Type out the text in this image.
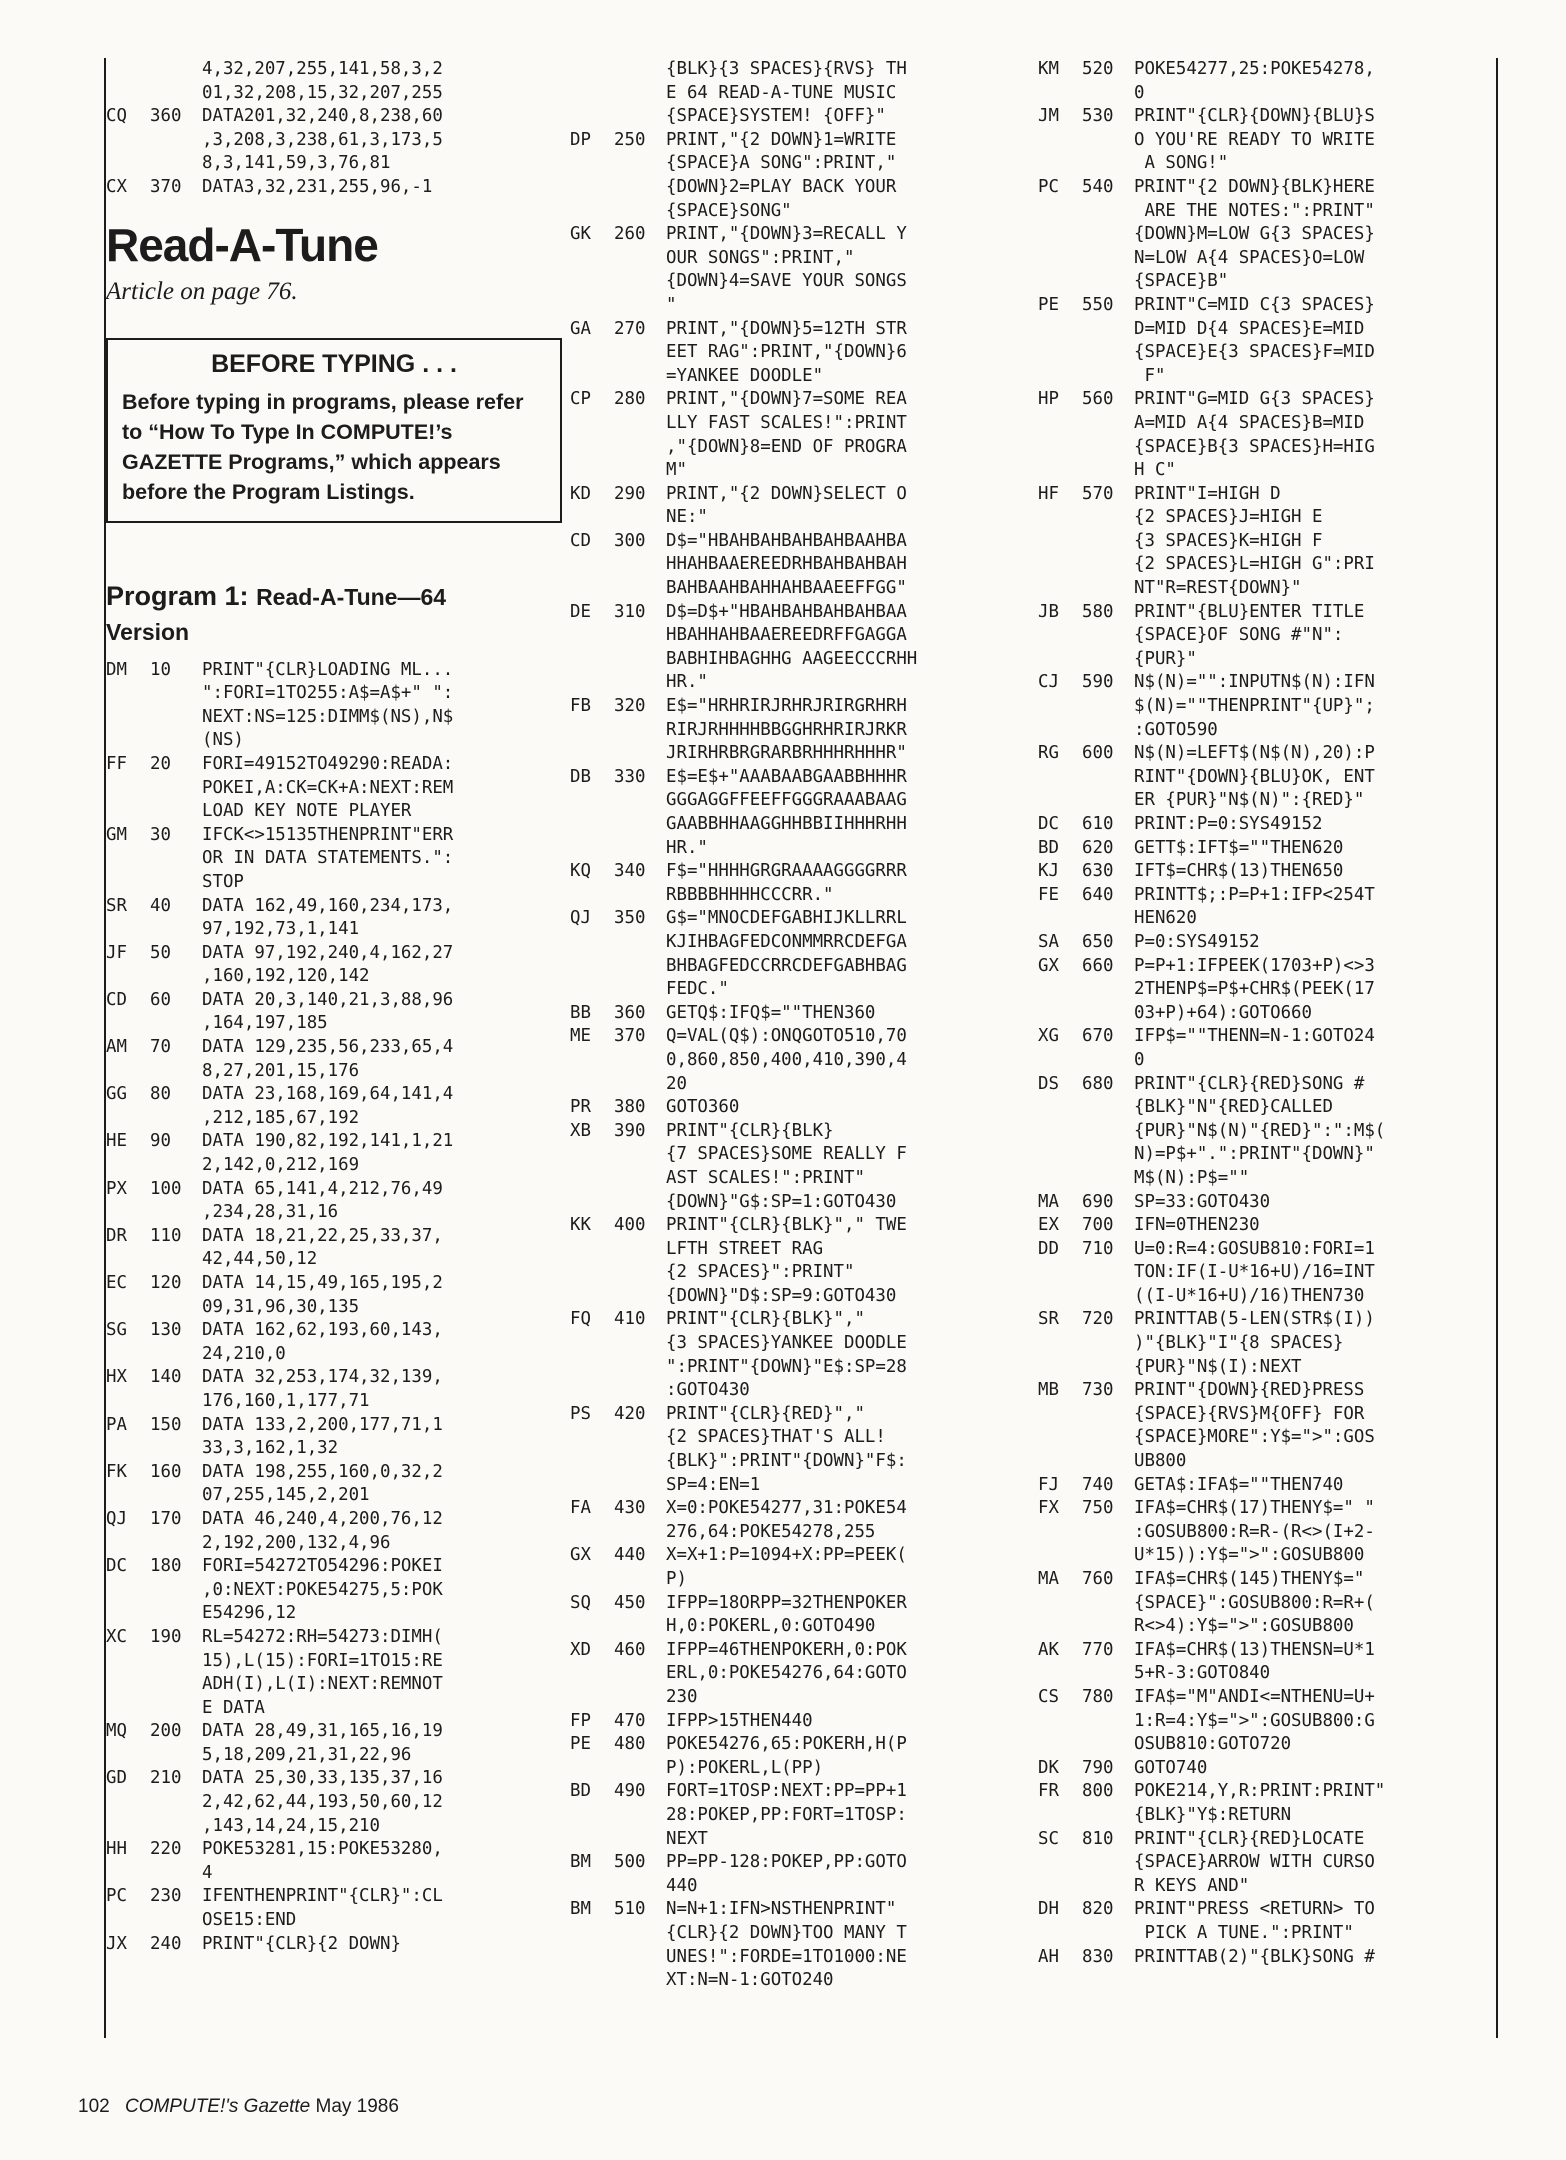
4,32,207,255,141,58,3,2
01,32,208,15,32,207,255
CQ	360	DATA201,32,240,8,238,60
,3,208,3,238,61,3,173,5
8,3,141,59,3,76,81
CX	370	DATA3,32,231,255,96,-1
Read-A-Tune
Article on page 76.
BEFORE TYPING . . .
Before typing in programs, please refer to “How To Type In COMPUTE!’s GAZETTE Programs,” which appears before the Program Listings.
Program 1: Read-A-Tune—64
Version
DM	10	PRINT"{CLR}LOADING ML...
":FORI=1TO255:A$=A$+" ":
NEXT:NS=125:DIMM$(NS),N$
(NS)
FF	20	FORI=49152TO49290:READA:
POKEI,A:CK=CK+A:NEXT:REM
LOAD KEY NOTE PLAYER
GM	30	IFCK<>15135THENPRINT"ERR
OR IN DATA STATEMENTS.":
STOP
SR	40	DATA 162,49,160,234,173,
97,192,73,1,141
JF	50	DATA 97,192,240,4,162,27
,160,192,120,142
CD	60	DATA 20,3,140,21,3,88,96
,164,197,185
AM	70	DATA 129,235,56,233,65,4
8,27,201,15,176
GG	80	DATA 23,168,169,64,141,4
,212,185,67,192
HE	90	DATA 190,82,192,141,1,21
2,142,0,212,169
PX	100	DATA 65,141,4,212,76,49
,234,28,31,16
DR	110	DATA 18,21,22,25,33,37,
42,44,50,12
EC	120	DATA 14,15,49,165,195,2
09,31,96,30,135
SG	130	DATA 162,62,193,60,143,
24,210,0
HX	140	DATA 32,253,174,32,139,
176,160,1,177,71
PA	150	DATA 133,2,200,177,71,1
33,3,162,1,32
FK	160	DATA 198,255,160,0,32,2
07,255,145,2,201
QJ	170	DATA 46,240,4,200,76,12
2,192,200,132,4,96
DC	180	FORI=54272TO54296:POKEI
,0:NEXT:POKE54275,5:POK
E54296,12
XC	190	RL=54272:RH=54273:DIMH(
15),L(15):FORI=1TO15:RE
ADH(I),L(I):NEXT:REMNOT
E DATA
MQ	200	DATA 28,49,31,165,16,19
5,18,209,21,31,22,96
GD	210	DATA 25,30,33,135,37,16
2,42,62,44,193,50,60,12
,143,14,24,15,210
HH	220	POKE53281,15:POKE53280,
4
PC	230	IFENTHENPRINT"{CLR}":CL
OSE15:END
JX	240	PRINT"{CLR}{2 DOWN}
{BLK}{3 SPACES}{RVS} TH
E 64 READ-A-TUNE MUSIC
{SPACE}SYSTEM! {OFF}"
DP	250	PRINT,"{2 DOWN}1=WRITE
{SPACE}A SONG":PRINT,"
{DOWN}2=PLAY BACK YOUR
{SPACE}SONG"
GK	260	PRINT,"{DOWN}3=RECALL Y
OUR SONGS":PRINT,"
{DOWN}4=SAVE YOUR SONGS
"
GA	270	PRINT,"{DOWN}5=12TH STR
EET RAG":PRINT,"{DOWN}6
=YANKEE DOODLE"
CP	280	PRINT,"{DOWN}7=SOME REA
LLY FAST SCALES!":PRINT
,"{DOWN}8=END OF PROGRA
M"
KD	290	PRINT,"{2 DOWN}SELECT O
NE:"
CD	300	D$="HBAHBAHBAHBAHBAAHBA
HHAHBAAEREEDRHBAHBAHBAH
BAHBAAHBAHHAHBAAEEFFGG"
DE	310	D$=D$+"HBAHBAHBAHBAHBAA
HBAHHAHBAAEREEDRFFGAGGA
BABHIHBAGHHG AAGEECCCRHH
HR."
FB	320	E$="HRHRIRJRHRJRIRGRHRH
RIRJRHHHHBBGGHRHRIRJRKR
JRIRHRBRGRARBRHHHRHHHR"
DB	330	E$=E$+"AAABAABGAABBHHHR
GGGAGGFFEEFFGGGRAAABAAG
GAABBHHAAGGHHBBIIHHHRHH
HR."
KQ	340	F$="HHHHGRGRAAAAGGGGRRR
RBBBBHHHHCCCRR."
QJ	350	G$="MNOCDEFGABHIJKLLRRL
KJIHBAGFEDCONMMRRCDEFGA
BHBAGFEDCCRRCDEFGABHBAG
FEDC."
BB	360	GETQ$:IFQ$=""THEN360
ME	370	Q=VAL(Q$):ONQGOTO510,70
0,860,850,400,410,390,4
20
PR	380	GOTO360
XB	390	PRINT"{CLR}{BLK}
{7 SPACES}SOME REALLY F
AST SCALES!":PRINT"
{DOWN}"G$:SP=1:GOTO430
KK	400	PRINT"{CLR}{BLK}"," TWE
LFTH STREET RAG
{2 SPACES}":PRINT"
{DOWN}"D$:SP=9:GOTO430
FQ	410	PRINT"{CLR}{BLK}","
{3 SPACES}YANKEE DOODLE
":PRINT"{DOWN}"E$:SP=28
:GOTO430
PS	420	PRINT"{CLR}{RED}","
{2 SPACES}THAT'S ALL!
{BLK}":PRINT"{DOWN}"F$:
SP=4:EN=1
FA	430	X=0:POKE54277,31:POKE54
276,64:POKE54278,255
GX	440	X=X+1:P=1094+X:PP=PEEK(
P)
SQ	450	IFPP=18ORPP=32THENPOKER
H,0:POKERL,0:GOTO490
XD	460	IFPP=46THENPOKERH,0:POK
ERL,0:POKE54276,64:GOTO
230
FP	470	IFPP>15THEN440
PE	480	POKE54276,65:POKERH,H(P
P):POKERL,L(PP)
BD	490	FORT=1TOSP:NEXT:PP=PP+1
28:POKEP,PP:FORT=1TOSP:
NEXT
BM	500	PP=PP-128:POKEP,PP:GOTO
440
BM	510	N=N+1:IFN>NSTHENPRINT"
{CLR}{2 DOWN}TOO MANY T
UNES!":FORDE=1TO1000:NE
XT:N=N-1:GOTO240
KM	520	POKE54277,25:POKE54278,
0
JM	530	PRINT"{CLR}{DOWN}{BLU}S
O YOU'RE READY TO WRITE
A SONG!"
PC	540	PRINT"{2 DOWN}{BLK}HERE
ARE THE NOTES:":PRINT"
{DOWN}M=LOW G{3 SPACES}
N=LOW A{4 SPACES}O=LOW
{SPACE}B"
PE	550	PRINT"C=MID C{3 SPACES}
D=MID D{4 SPACES}E=MID
{SPACE}E{3 SPACES}F=MID
F"
HP	560	PRINT"G=MID G{3 SPACES}
A=MID A{4 SPACES}B=MID
{SPACE}B{3 SPACES}H=HIG
H C"
HF	570	PRINT"I=HIGH D
{2 SPACES}J=HIGH E
{3 SPACES}K=HIGH F
{2 SPACES}L=HIGH G":PRI
NT"R=REST{DOWN}"
JB	580	PRINT"{BLU}ENTER TITLE
{SPACE}OF SONG #"N":
{PUR}"
CJ	590	N$(N)="":INPUTN$(N):IFN
$(N)=""THENPRINT"{UP}";
:GOTO590
RG	600	N$(N)=LEFT$(N$(N),20):P
RINT"{DOWN}{BLU}OK, ENT
ER {PUR}"N$(N)":{RED}"
DC	610	PRINT:P=0:SYS49152
BD	620	GETT$:IFT$=""THEN620
KJ	630	IFT$=CHR$(13)THEN650
FE	640	PRINTT$;:P=P+1:IFP<254T
HEN620
SA	650	P=0:SYS49152
GX	660	P=P+1:IFPEEK(1703+P)<>3
2THENP$=P$+CHR$(PEEK(17
03+P)+64):GOTO660
XG	670	IFP$=""THENN=N-1:GOTO24
0
DS	680	PRINT"{CLR}{RED}SONG #
{BLK}"N"{RED}CALLED
{PUR}"N$(N)"{RED}":":M$(
N)=P$+".":PRINT"{DOWN}"
M$(N):P$=""
MA	690	SP=33:GOTO430
EX	700	IFN=0THEN230
DD	710	U=0:R=4:GOSUB810:FORI=1
TON:IF(I-U*16+U)/16=INT
((I-U*16+U)/16)THEN730
SR	720	PRINTTAB(5-LEN(STR$(I))
)"{BLK}"I"{8 SPACES}
{PUR}"N$(I):NEXT
MB	730	PRINT"{DOWN}{RED}PRESS
{SPACE}{RVS}M{OFF} FOR
{SPACE}MORE":Y$=">":GOS
UB800
FJ	740	GETA$:IFA$=""THEN740
FX	750	IFA$=CHR$(17)THENY$=" "
:GOSUB800:R=R-(R<>(I+2-
U*15)):Y$=">":GOSUB800
MA	760	IFA$=CHR$(145)THENY$="
{SPACE}":GOSUB800:R=R+(
R<>4):Y$=">":GOSUB800
AK	770	IFA$=CHR$(13)THENSN=U*1
5+R-3:GOTO840
CS	780	IFA$="M"ANDI<=NTHENU=U+
1:R=4:Y$=">":GOSUB800:G
OSUB810:GOTO720
DK	790	GOTO740
FR	800	POKE214,Y,R:PRINT:PRINT"
{BLK}"Y$:RETURN
SC	810	PRINT"{CLR}{RED}LOCATE
{SPACE}ARROW WITH CURSO
R KEYS AND"
DH	820	PRINT"PRESS <RETURN> TO
PICK A TUNE.":PRINT"
AH	830	PRINTTAB(2)"{BLK}SONG #
102 COMPUTE!'s Gazette May 1986
